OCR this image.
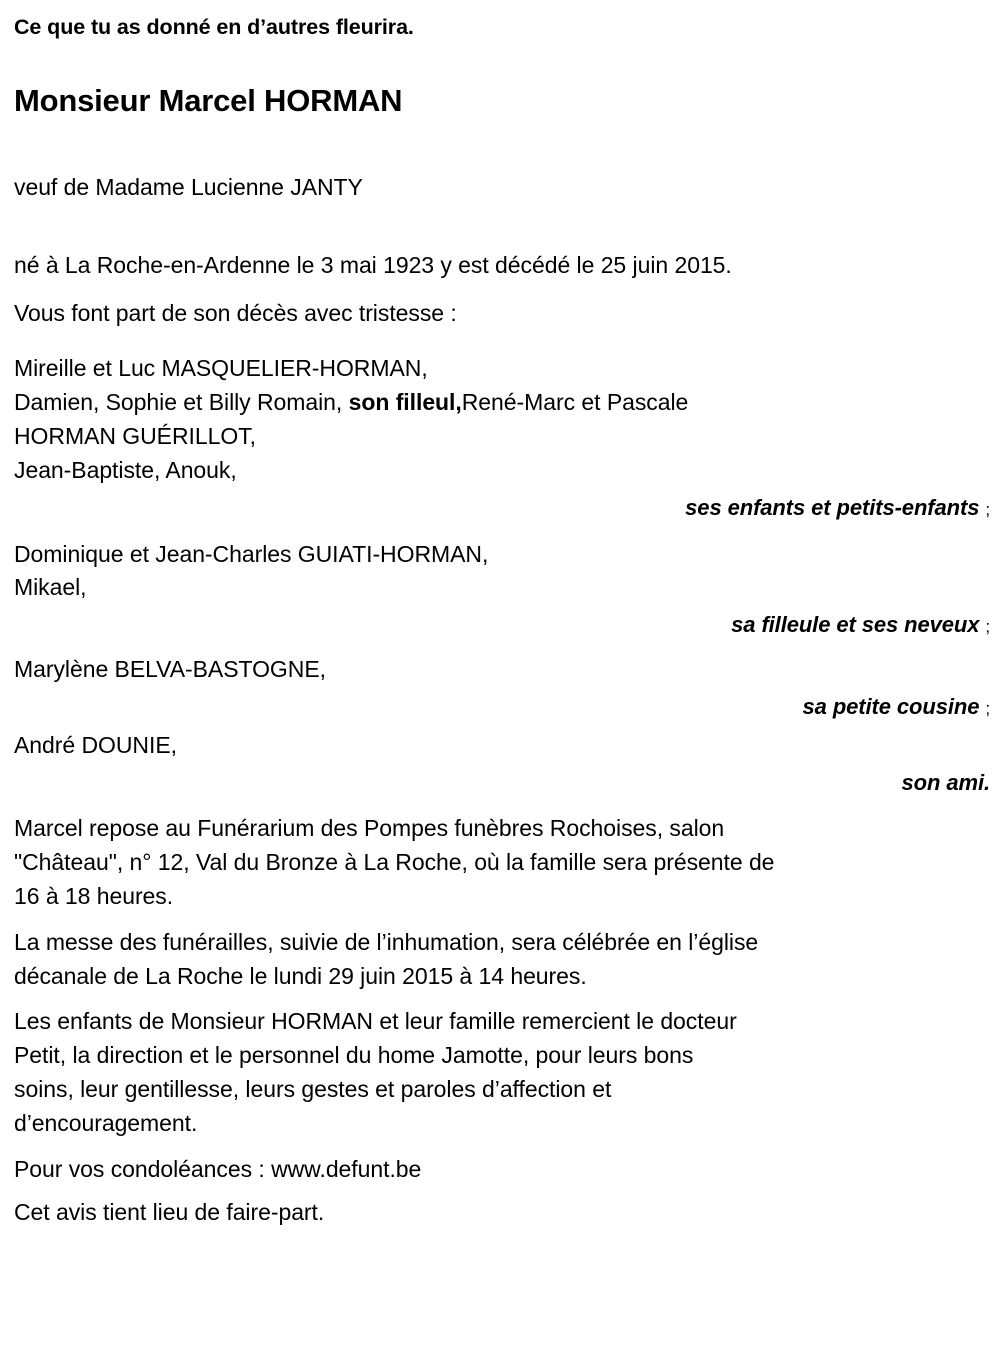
Ce que tu as donné en d’autres fleurira.

Monsieur Marcel HORMAN

veuf de Madame Lucienne JANTY

né à La Roche-en-Ardenne le 3 mai 1923 y est décédé le 25 juin 2015.

Vous font part de son décès avec tristesse :

Mireille et Luc MASQUELIER-HORMAN,
Damien, Sophie et Billy Romain, son filleul,René-Marc et Pascale
HORMAN GUÉRILLOT,
Jean-Baptiste, Anouk,
ses enfants et petits-enfants ;
Dominique et Jean-Charles GUIATI-HORMAN,
Mikael,
sa filleule et ses neveux ;
Marylène BELVA-BASTOGNE,
sa petite cousine ;
André DOUNIE,
son ami.

Marcel repose au Funérarium des Pompes funèbres Rochoises, salon
"Château", n° 12, Val du Bronze à La Roche, où la famille sera présente de
16 à 18 heures.

La messe des funérailles, suivie de l’inhumation, sera célébrée en l’église
décanale de La Roche le lundi 29 juin 2015 à 14 heures.

Les enfants de Monsieur HORMAN et leur famille remercient le docteur
Petit, la direction et le personnel du home Jamotte, pour leurs bons
soins, leur gentillesse, leurs gestes et paroles d’affection et
d’encouragement.

Pour vos condoléances : www.defunt.be

Cet avis tient lieu de faire-part.
